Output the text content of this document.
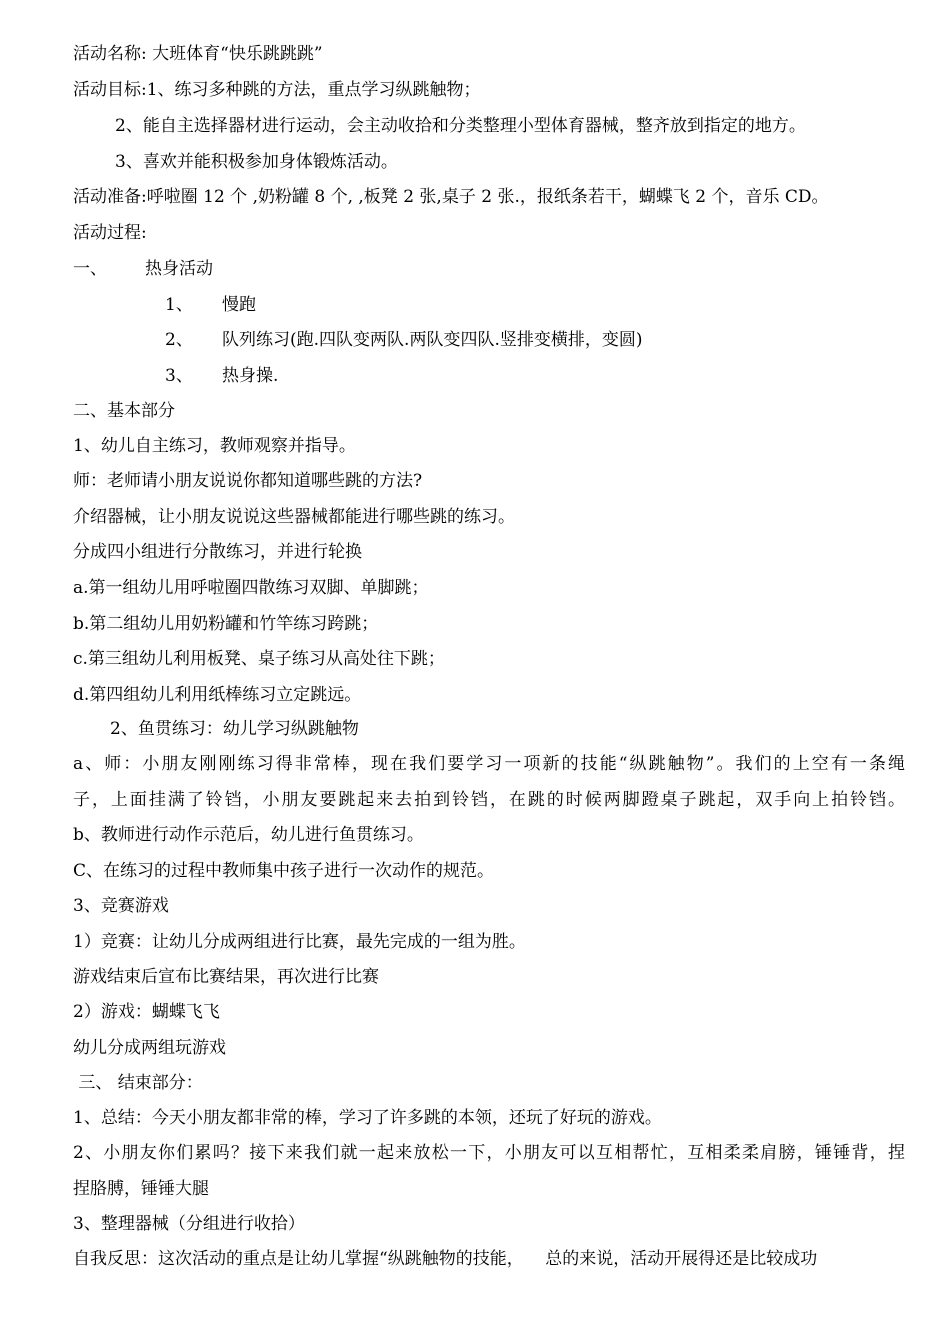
活动名称: 大班体育“快乐跳跳跳”
活动目标:1、练习多种跳的方法，重点学习纵跳触物；
2、能自主选择器材进行运动，会主动收拾和分类整理小型体育器械，整齐放到指定的地方。
3、喜欢并能积极参加身体锻炼活动。
活动准备:呼啦圈 12 个 ,奶粉罐 8 个, ,板凳 2 张,桌子 2 张.，报纸条若干，蝴蝶飞 2 个，音乐 CD。
活动过程:
一、 热身活动
1、 慢跑
2、 队列练习(跑.四队变两队.两队变四队.竖排变横排，变圆)
3、 热身操.
二、基本部分
1、幼儿自主练习，教师观察并指导。
师：老师请小朋友说说你都知道哪些跳的方法?
介绍器械，让小朋友说说这些器械都能进行哪些跳的练习。
分成四小组进行分散练习，并进行轮换
a.第一组幼儿用呼啦圈四散练习双脚、单脚跳；
b.第二组幼儿用奶粉罐和竹竿练习跨跳；
c.第三组幼儿利用板凳、桌子练习从高处往下跳；
d.第四组幼儿利用纸棒练习立定跳远。
2、鱼贯练习：幼儿学习纵跳触物
a、师：小朋友刚刚练习得非常棒，现在我们要学习一项新的技能“纵跳触物”。我们的上空有一条绳
子，上面挂满了铃铛，小朋友要跳起来去拍到铃铛，在跳的时候两脚蹬桌子跳起，双手向上拍铃铛。
b、教师进行动作示范后，幼儿进行鱼贯练习。
C、在练习的过程中教师集中孩子进行一次动作的规范。
3、竞赛游戏
1）竞赛：让幼儿分成两组进行比赛，最先完成的一组为胜。
游戏结束后宣布比赛结果，再次进行比赛
2）游戏：蝴蝶飞飞
幼儿分成两组玩游戏
三、 结束部分：
1、总结：今天小朋友都非常的棒，学习了许多跳的本领，还玩了好玩的游戏。
2、小朋友你们累吗？接下来我们就一起来放松一下，小朋友可以互相帮忙，互相柔柔肩膀，锤锤背，捏
捏胳膊，锤锤大腿
3、整理器械（分组进行收拾）
自我反思：这次活动的重点是让幼儿掌握“纵跳触物的技能，    总的来说，活动开展得还是比较成功
